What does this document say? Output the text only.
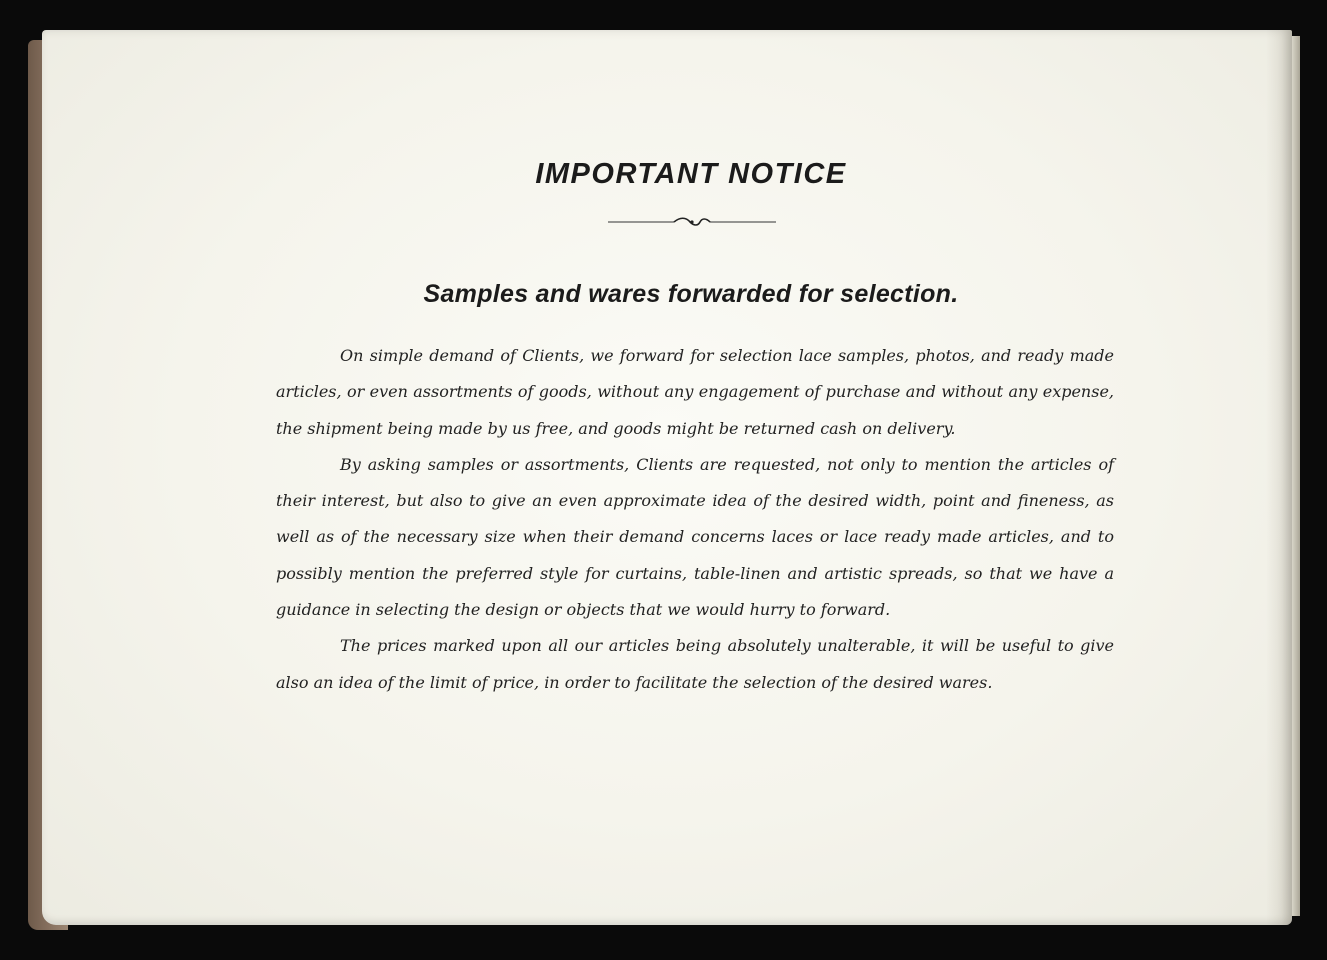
IMPORTANT NOTICE
Samples and wares forwarded for selection.

On simple demand of Clients, we forward for selection lace samples, photos, and ready made articles, or even assortments of goods, without any engagement of purchase and without any expense, the shipment being made by us free, and goods might be returned cash on delivery.

By asking samples or assortments, Clients are requested, not only to mention the articles of their interest, but also to give an even approximate idea of the desired width, point and fineness, as well as of the necessary size when their demand concerns laces or lace ready made articles, and to possibly mention the preferred style for curtains, table-linen and artistic spreads, so that we have a guidance in selecting the design or objects that we would hurry to forward.

The prices marked upon all our articles being absolutely unalterable, it will be useful to give also an idea of the limit of price, in order to facilitate the selection of the desired wares.
